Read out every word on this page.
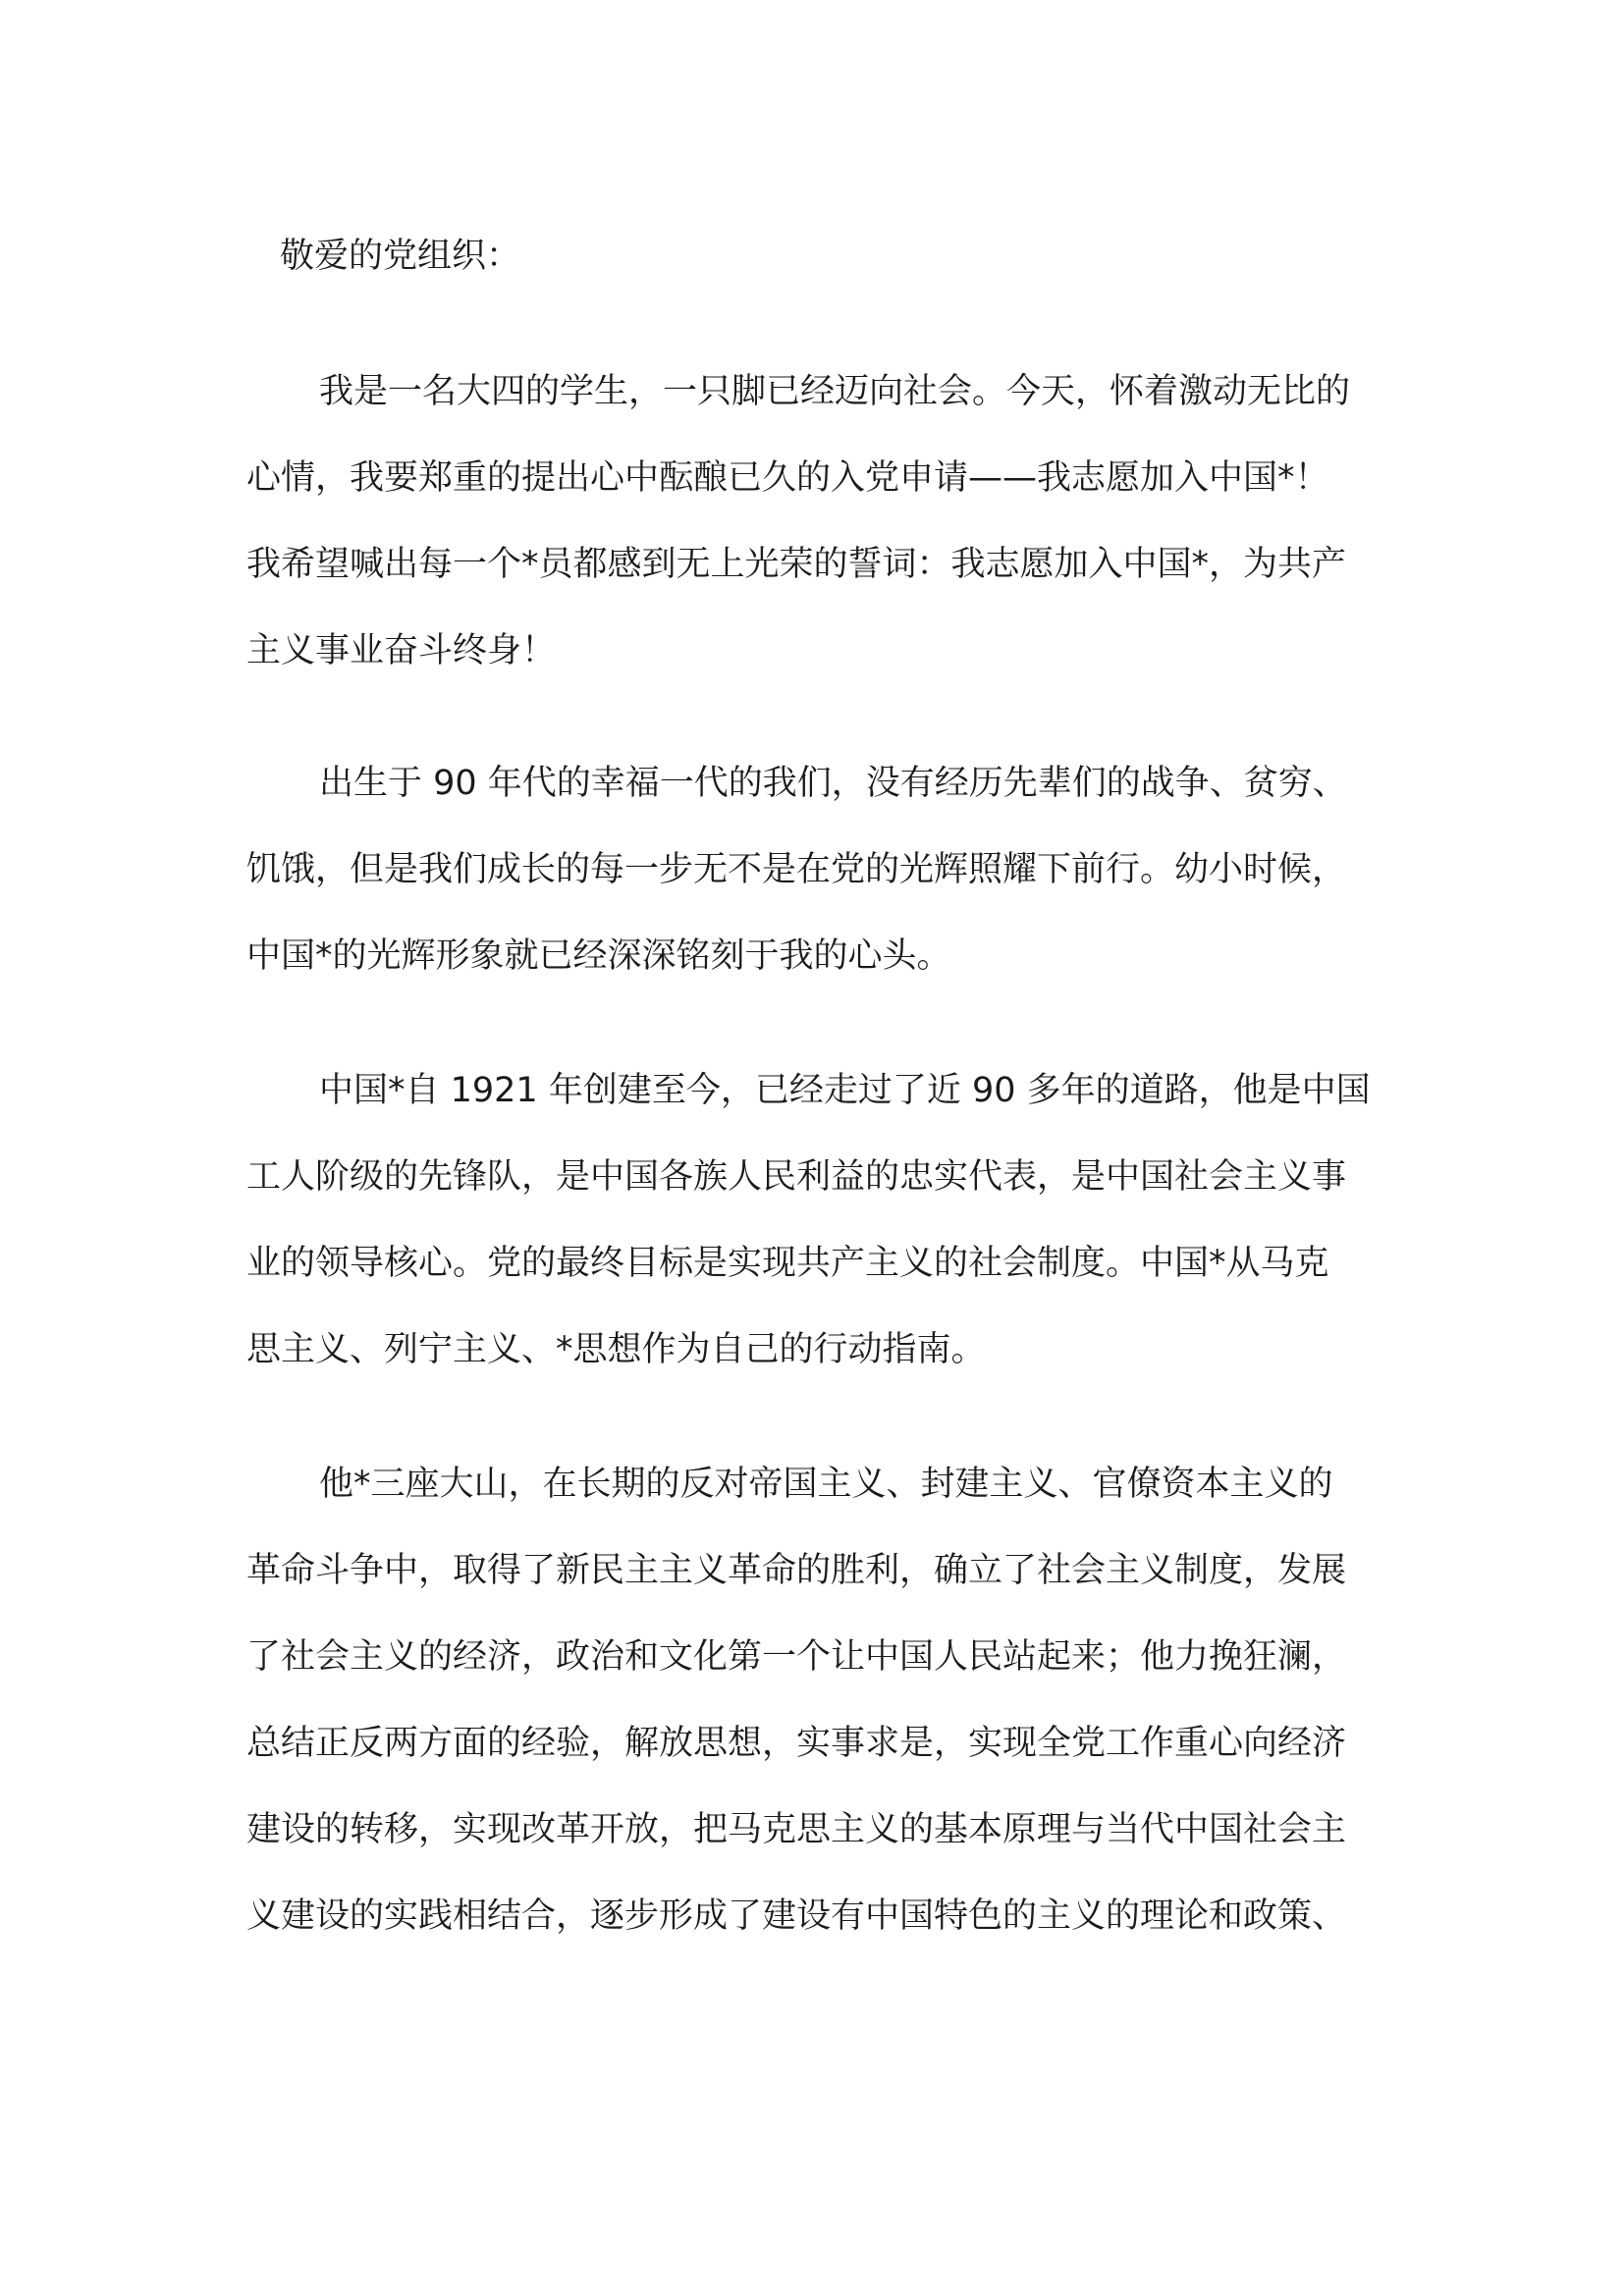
敬爱的党组织：

我是一名大四的学生，一只脚已经迈向社会。今天，怀着激动无比的
心情，我要郑重的提出心中酝酿已久的入党申请——我志愿加入中国*！
我希望喊出每一个*员都感到无上光荣的誓词：我志愿加入中国*，为共产
主义事业奋斗终身！

出生于 90 年代的幸福一代的我们，没有经历先辈们的战争、贫穷、
饥饿，但是我们成长的每一步无不是在党的光辉照耀下前行。幼小时候，
中国*的光辉形象就已经深深铭刻于我的心头。

中国*自 1921 年创建至今，已经走过了近 90 多年的道路，他是中国
工人阶级的先锋队，是中国各族人民利益的忠实代表，是中国社会主义事
业的领导核心。党的最终目标是实现共产主义的社会制度。中国*从马克
思主义、列宁主义、*思想作为自己的行动指南。

他*三座大山，在长期的反对帝国主义、封建主义、官僚资本主义的
革命斗争中，取得了新民主主义革命的胜利，确立了社会主义制度，发展
了社会主义的经济，政治和文化第一个让中国人民站起来；他力挽狂澜，
总结正反两方面的经验，解放思想，实事求是，实现全党工作重心向经济
建设的转移，实现改革开放，把马克思主义的基本原理与当代中国社会主
义建设的实践相结合，逐步形成了建设有中国特色的主义的理论和政策、
